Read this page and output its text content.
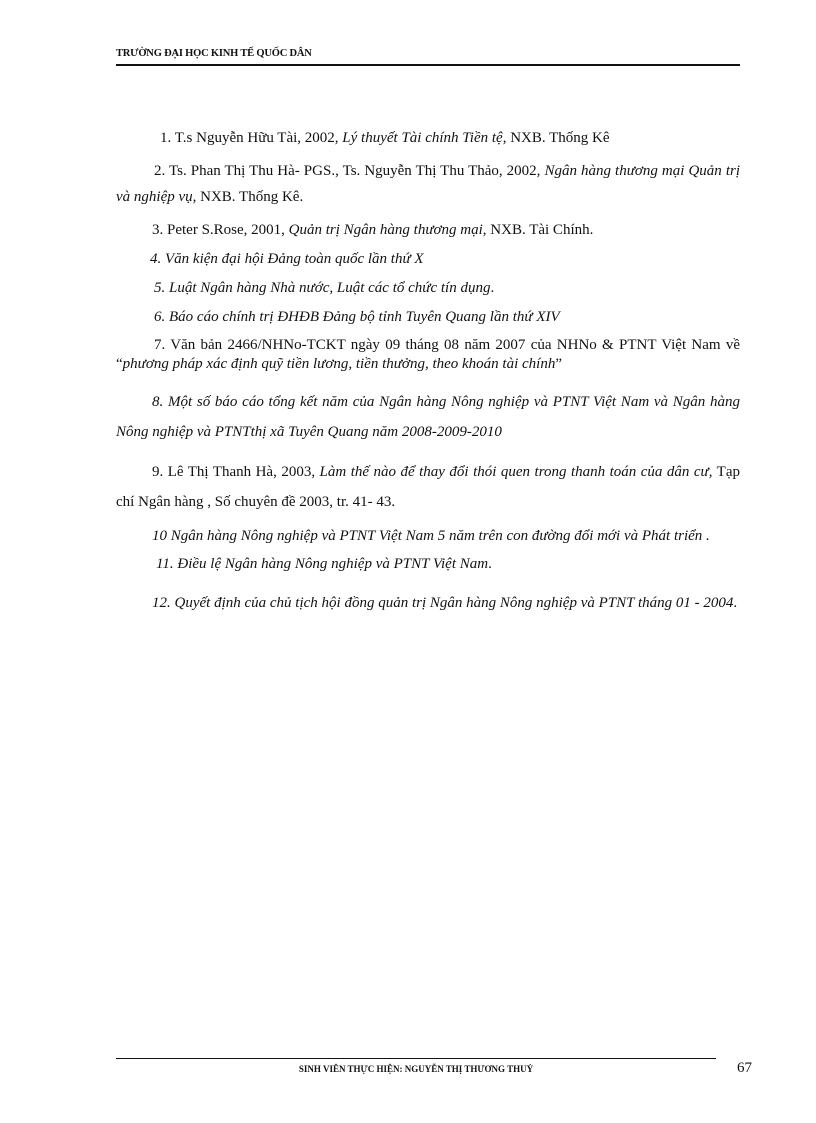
TRƯỜNG ĐẠI HỌC KINH TẾ QUỐC DÂN

1. T.s Nguyễn Hữu Tài, 2002, Lý thuyết Tài chính Tiền tệ, NXB. Thống Kê

2. Ts. Phan Thị Thu Hà- PGS., Ts. Nguyễn Thị Thu Thảo, 2002, Ngân hàng thương mại Quản trị và nghiệp vụ, NXB. Thống Kê.

3. Peter S.Rose, 2001, Quản trị Ngân hàng thương mại, NXB. Tài Chính.

4. Văn kiện đại hội Đảng toàn quốc lần thứ X

5. Luật Ngân hàng Nhà nước, Luật các tổ chức tín dụng.

6. Báo cáo chính trị ĐHĐB Đảng bộ tỉnh Tuyên Quang lần thứ XIV

7. Văn bản 2466/NHNo-TCKT ngày 09 tháng 08 năm 2007 của NHNo & PTNT Việt Nam về “phương pháp xác định quỹ tiền lương, tiền thưởng, theo khoán tài chính”

8. Một số báo cáo tổng kết năm của Ngân hàng Nông nghiệp và PTNT Việt Nam và Ngân hàng Nông nghiệp và PTNTthị xã Tuyên Quang năm 2008-2009-2010

9. Lê Thị Thanh Hà, 2003, Làm thế nào để thay đổi thói quen trong thanh toán của dân cư, Tạp chí Ngân hàng , Số chuyên đề 2003, tr. 41- 43.

10 Ngân hàng Nông nghiệp và PTNT Việt Nam 5 năm trên con đường đổi mới và Phát triển .

11. Điều lệ Ngân hàng Nông nghiệp và PTNT Việt Nam.

12. Quyết định của chủ tịch hội đồng quản trị Ngân hàng Nông nghiệp và PTNT tháng 01 - 2004.

SINH VIÊN THỰC HIỆN: NGUYỄN THỊ THƯƠNG THUỶ	67
